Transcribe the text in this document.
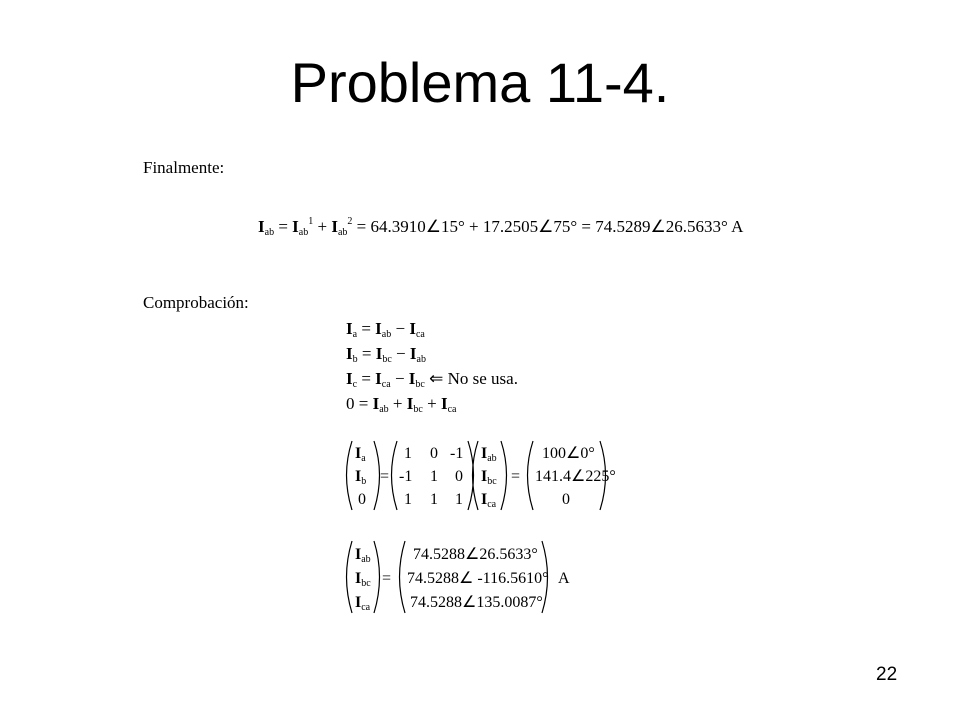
Problema 11-4.
Finalmente:
$I_{ab} = I_{ab}^1 + I_{ab}^2$ = 64.3910∠15° + 17.2505∠75° = 74.5289∠26.5633° A
Comprobación:
$I_a = I_{ab} - I_{ca}$
$I_b = I_{bc} - I_{ab}$
$I_c = I_{ca} - I_{bc}$ ⇐ No se usa.
$0 = I_{ab} + I_{bc} + I_{ca}$
$I_a$
$I_b$
0
=
1 0 -1
-1 1 0
1 1 1
$I_{ab}$
$I_{bc}$
$I_{ca}$
=
100∠0°
141.4∠225°
0
$I_{ab}$
$I_{bc}$
$I_{ca}$
=
74.5288∠26.5633°
74.5288∠ -116.5610°
74.5288∠135.0087°
A
22
